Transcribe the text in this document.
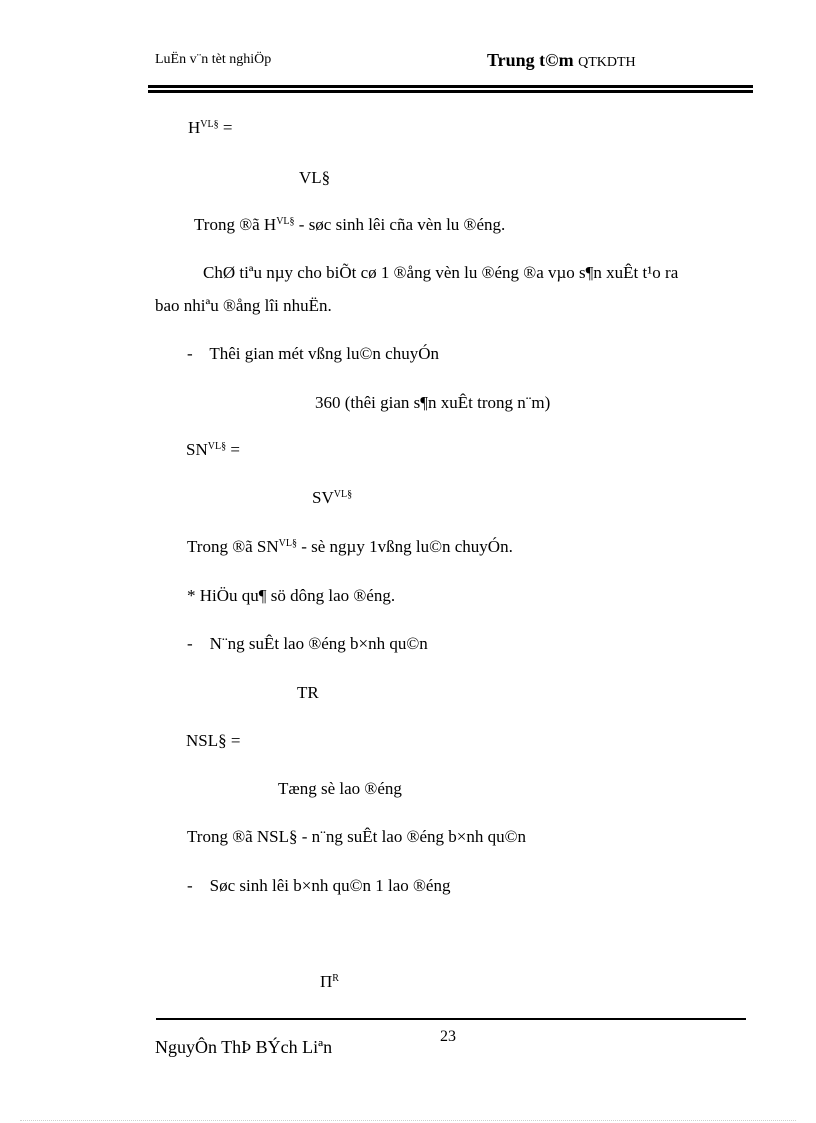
LuËn v¨n tèt nghiÖp	Trung t©m QTKDTH
$H^{VL\S}$ =
VL§
Trong ®ã $H^{VL\S}$ - søc sinh lêi cña vèn lu ®éng.
ChØ tiªu nµy cho biÕt cø 1 ®ång vèn lu ®éng ®a vµo s¶n xuÊt t¹o ra
bao nhiªu ®ång lîi nhuËn.
-    Thêi gian mét vßng lu©n chuyÓn
360 (thêi gian s¶n xuÊt trong n¨m)
$SN^{VL\S}$ =
$SV^{VL\S}$
Trong ®ã $SN^{VL\S}$ - sè ngµy 1vßng lu©n chuyÓn.
* HiÖu qu¶ sö dông lao ®éng.
-    N¨ng suÊt lao ®éng b×nh qu©n
TR
NSL§ =
Tæng sè lao ®éng
Trong ®ã NSL§ - n¨ng suÊt lao ®éng b×nh qu©n
-    Søc sinh lêi b×nh qu©n 1 lao ®éng
$\Pi^R$
23
NguyÔn ThÞ BÝch Liªn
